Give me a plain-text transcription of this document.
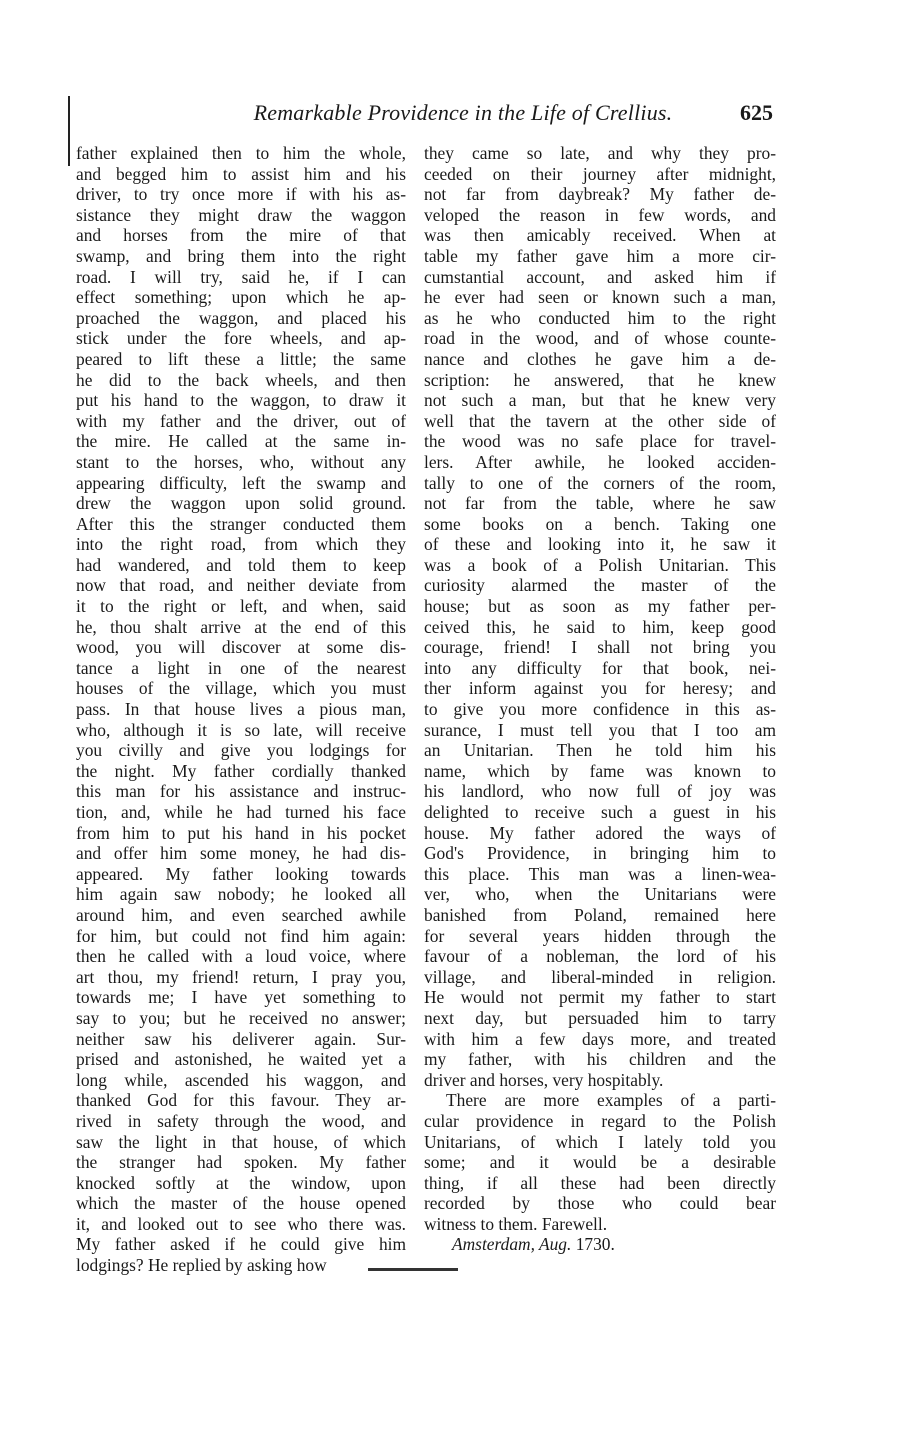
Remarkable Providence in the Life of Crellius.	625
father explained then to him the whole,
and begged him to assist him and his
driver, to try once more if with his as-
sistance they might draw the waggon
and horses from the mire of that
swamp, and bring them into the right
road. I will try, said he, if I can
effect something; upon which he ap-
proached the waggon, and placed his
stick under the fore wheels, and ap-
peared to lift these a little; the same
he did to the back wheels, and then
put his hand to the waggon, to draw it
with my father and the driver, out of
the mire. He called at the same in-
stant to the horses, who, without any
appearing difficulty, left the swamp and
drew the waggon upon solid ground.
After this the stranger conducted them
into the right road, from which they
had wandered, and told them to keep
now that road, and neither deviate from
it to the right or left, and when, said
he, thou shalt arrive at the end of this
wood, you will discover at some dis-
tance a light in one of the nearest
houses of the village, which you must
pass. In that house lives a pious man,
who, although it is so late, will receive
you civilly and give you lodgings for
the night. My father cordially thanked
this man for his assistance and instruc-
tion, and, while he had turned his face
from him to put his hand in his pocket
and offer him some money, he had dis-
appeared. My father looking towards
him again saw nobody; he looked all
around him, and even searched awhile
for him, but could not find him again:
then he called with a loud voice, where
art thou, my friend! return, I pray you,
towards me; I have yet something to
say to you; but he received no answer;
neither saw his deliverer again. Sur-
prised and astonished, he waited yet a
long while, ascended his waggon, and
thanked God for this favour. They ar-
rived in safety through the wood, and
saw the light in that house, of which
the stranger had spoken. My father
knocked softly at the window, upon
which the master of the house opened
it, and looked out to see who there was.
My father asked if he could give him
lodgings? He replied by asking how
they came so late, and why they pro-
ceeded on their journey after midnight,
not far from daybreak? My father de-
veloped the reason in few words, and
was then amicably received. When at
table my father gave him a more cir-
cumstantial account, and asked him if
he ever had seen or known such a man,
as he who conducted him to the right
road in the wood, and of whose counte-
nance and clothes he gave him a de-
scription: he answered, that he knew
not such a man, but that he knew very
well that the tavern at the other side of
the wood was no safe place for travel-
lers. After awhile, he looked acciden-
tally to one of the corners of the room,
not far from the table, where he saw
some books on a bench. Taking one
of these and looking into it, he saw it
was a book of a Polish Unitarian. This
curiosity alarmed the master of the
house; but as soon as my father per-
ceived this, he said to him, keep good
courage, friend! I shall not bring you
into any difficulty for that book, nei-
ther inform against you for heresy; and
to give you more confidence in this as-
surance, I must tell you that I too am
an Unitarian. Then he told him his
name, which by fame was known to
his landlord, who now full of joy was
delighted to receive such a guest in his
house. My father adored the ways of
God's Providence, in bringing him to
this place. This man was a linen-wea-
ver, who, when the Unitarians were
banished from Poland, remained here
for several years hidden through the
favour of a nobleman, the lord of his
village, and liberal-minded in religion.
He would not permit my father to start
next day, but persuaded him to tarry
with him a few days more, and treated
my father, with his children and the
driver and horses, very hospitably.
There are more examples of a parti-
cular providence in regard to the Polish
Unitarians, of which I lately told you
some; and it would be a desirable
thing, if all these had been directly
recorded by those who could bear
witness to them. Farewell.
Amsterdam, Aug. 1730.
